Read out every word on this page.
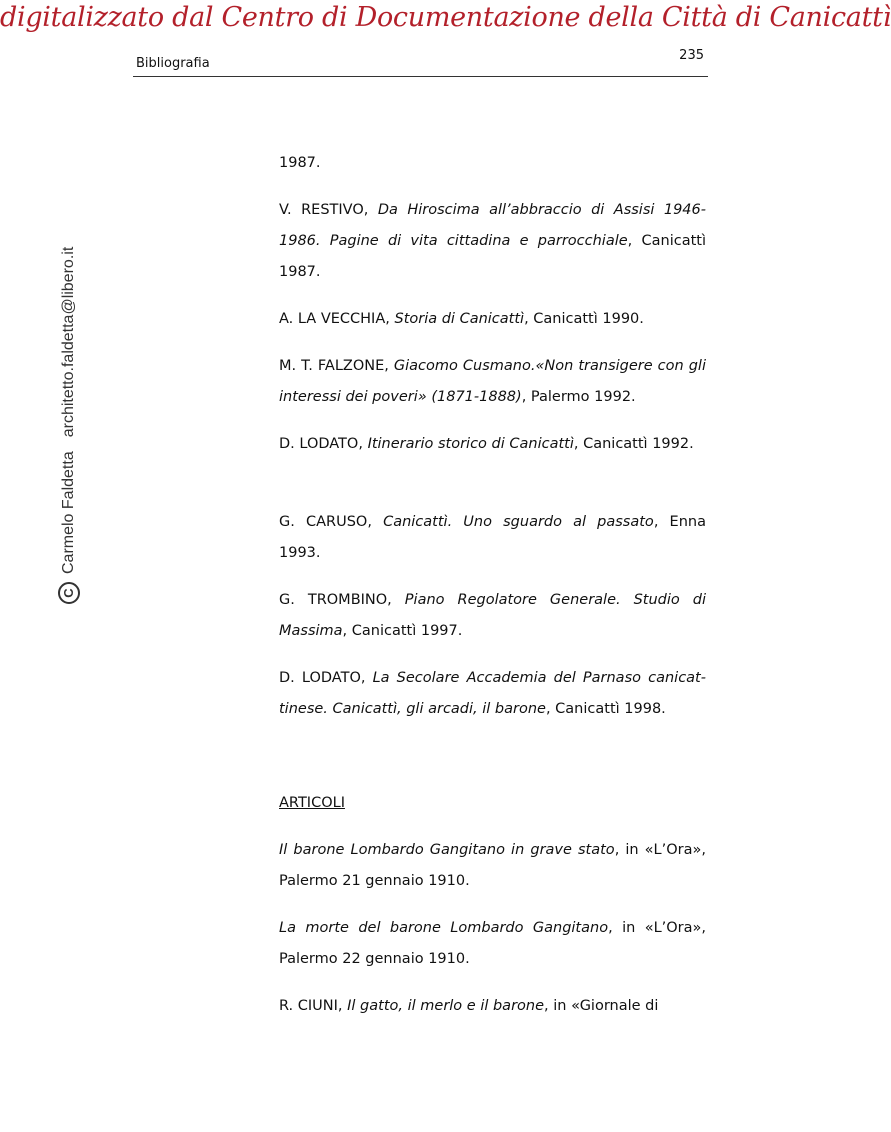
digitalizzato dal Centro di Documentazione della Città di Canicattì
Bibliografia
235
CCarmelo Faldettaarchitetto.faldetta@libero.it
1987.
V. RESTIVO, Da Hiroscima all’abbraccio di Assisi 1946-1986. Pagine di vita cittadina e parrocchiale, Canicattì 1987.
A. LA VECCHIA, Storia di Canicattì, Canicattì 1990.
M. T. FALZONE, Giacomo Cusmano.«Non transigere con gli interessi dei poveri» (1871-1888), Palermo 1992.
D. LODATO, Itinerario storico di Canicattì, Canicattì 1992.
G. CARUSO, Canicattì. Uno sguardo al passato, Enna 1993.
G. TROMBINO, Piano Regolatore Generale. Studio di Massima, Canicattì 1997.
D. LODATO, La Secolare Accademia del Parnaso canicat-tinese. Canicattì, gli arcadi, il barone, Canicattì 1998.
ARTICOLI
Il barone Lombardo Gangitano in grave stato, in «L’Ora», Palermo 21 gennaio 1910.
La morte del barone Lombardo Gangitano, in «L’Ora», Palermo 22 gennaio 1910.
R. CIUNI, Il gatto, il merlo e il barone, in «Giornale di
